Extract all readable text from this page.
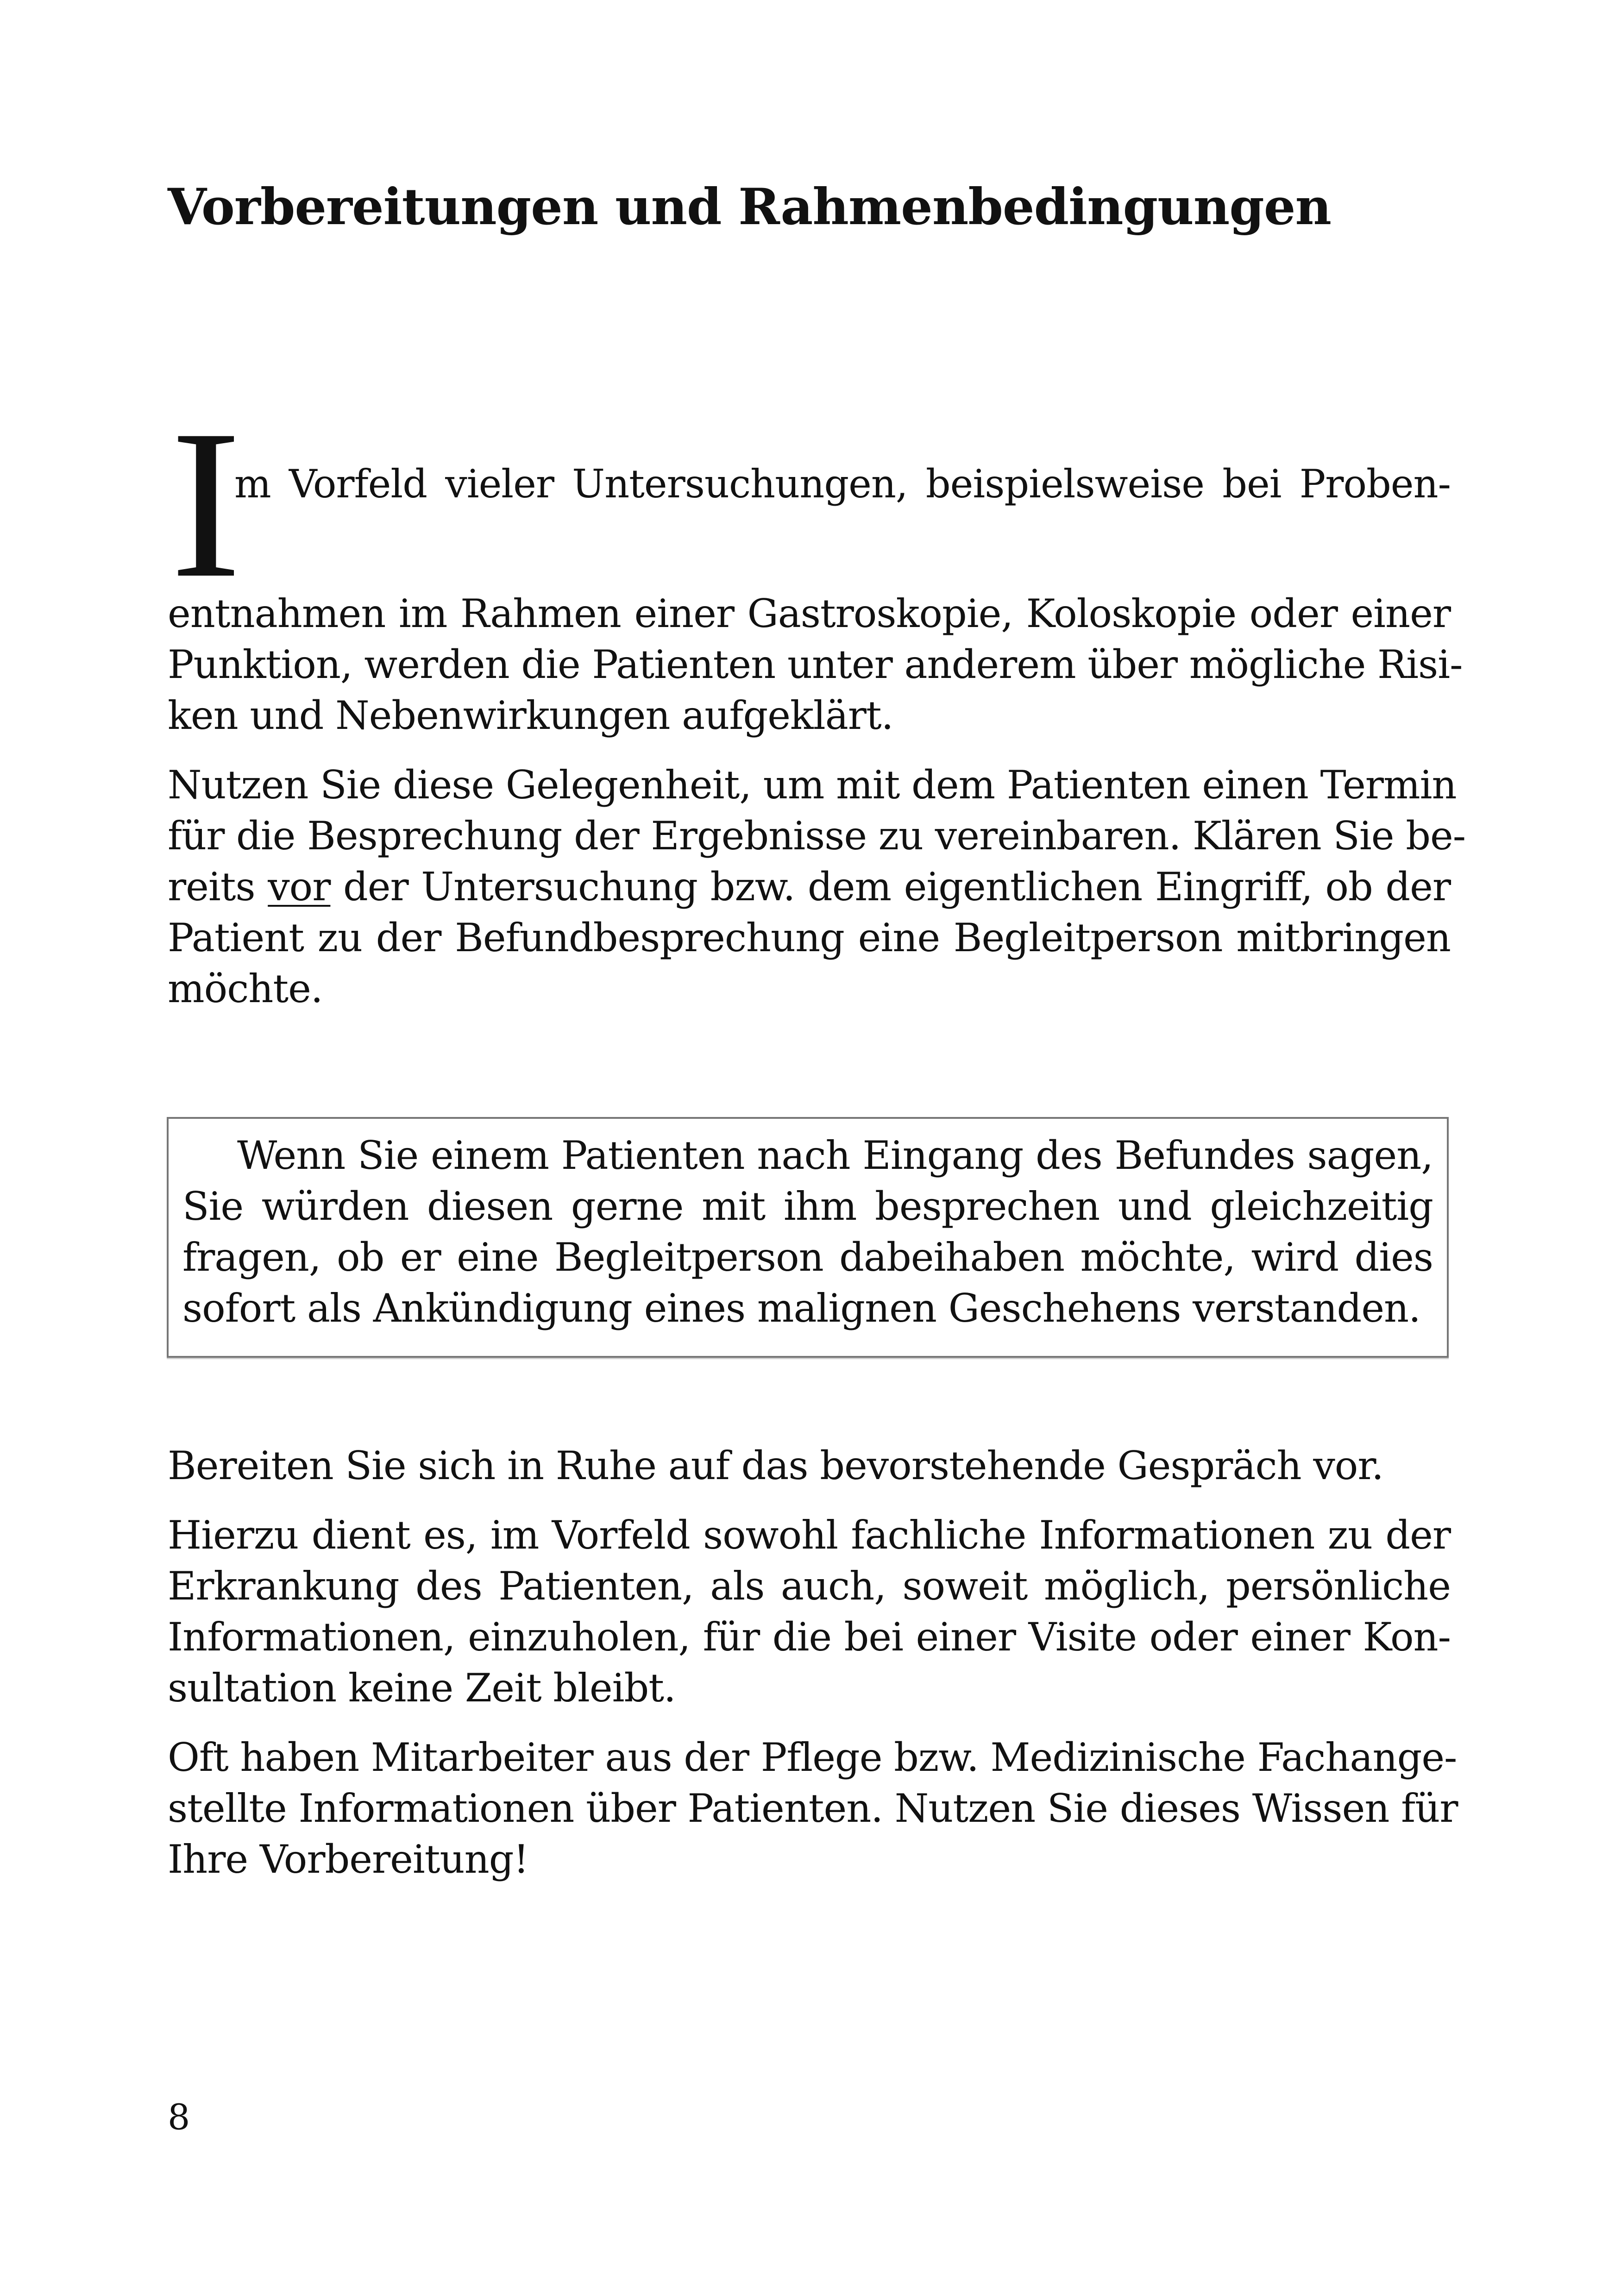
Vorbereitungen und Rahmenbedingungen
I

m Vorfeld vieler Untersuchungen, beispielsweise bei Proben-

entnahmen im Rahmen einer Gastroskopie, Koloskopie oder einer

Punktion, werden die Patienten unter anderem über mögliche Risi-

ken und Nebenwirkungen aufgeklärt.

Nutzen Sie diese Gelegenheit, um mit dem Patienten einen Termin

für die Besprechung der Ergebnisse zu vereinbaren. Klären Sie be-

reits vor der Untersuchung bzw. dem eigentlichen Eingriff, ob der

Patient zu der Befundbesprechung eine Begleitperson mitbringen

möchte.

Wenn Sie einem Patienten nach Eingang des Befundes sagen,

Sie würden diesen gerne mit ihm besprechen und gleichzeitig

fragen, ob er eine Begleitperson dabeihaben möchte, wird dies

sofort als Ankündigung eines malignen Geschehens verstanden.

Bereiten Sie sich in Ruhe auf das bevorstehende Gespräch vor.

Hierzu dient es, im Vorfeld sowohl fachliche Informationen zu der

Erkrankung des Patienten, als auch, soweit möglich, persönliche

Informationen, einzuholen, für die bei einer Visite oder einer Kon-

sultation keine Zeit bleibt.

Oft haben Mitarbeiter aus der Pflege bzw. Medizinische Fachange-

stellte Informationen über Patienten. Nutzen Sie dieses Wissen für

Ihre Vorbereitung!

8
